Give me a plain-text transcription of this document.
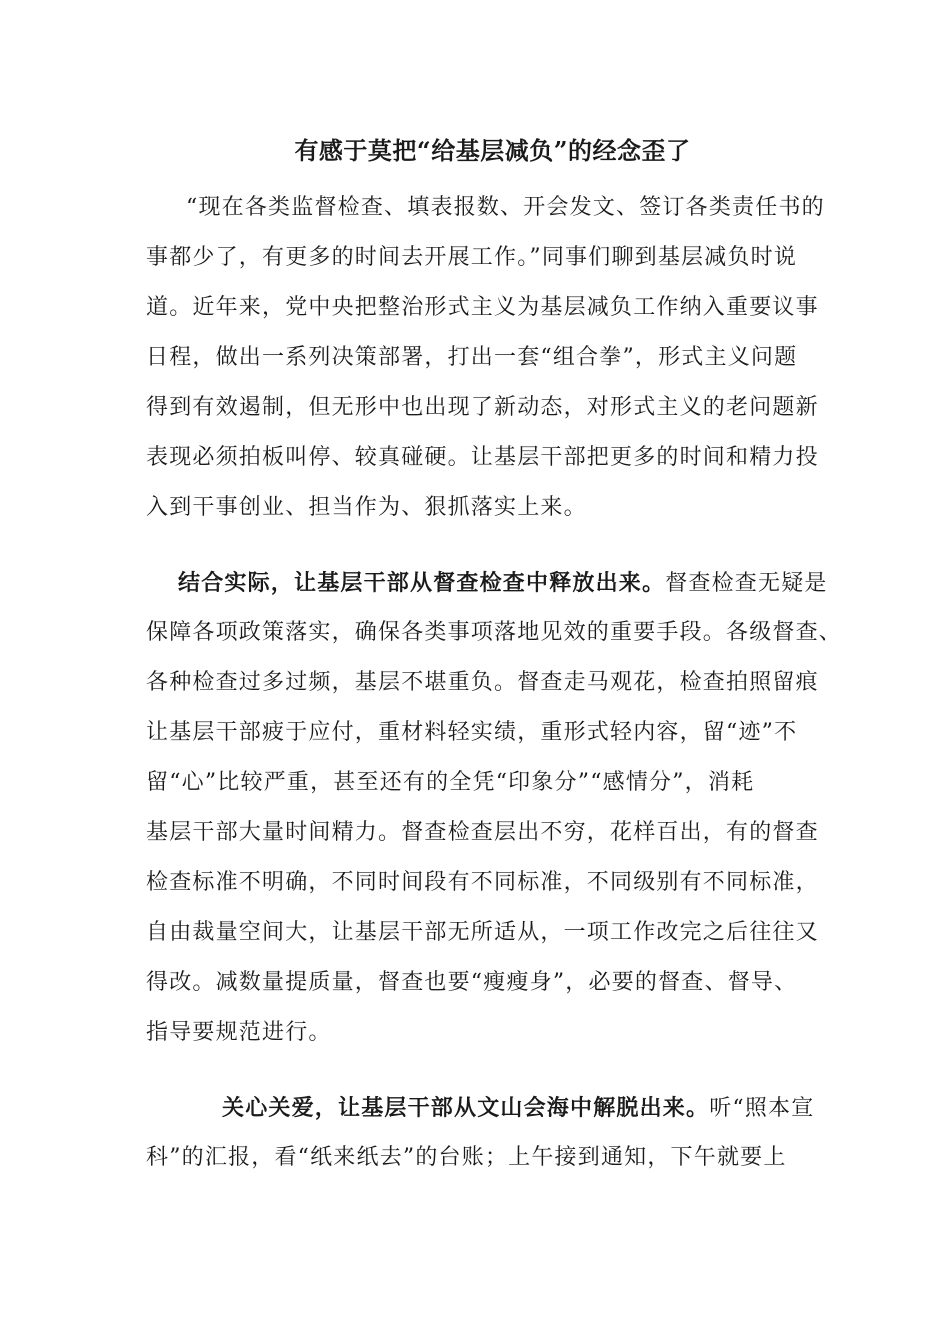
有感于莫把“给基层减负”的经念歪了
“现在各类监督检查、填表报数、开会发文、签订各类责任书的
事都少了，有更多的时间去开展工作。”同事们聊到基层减负时说
道。近年来，党中央把整治形式主义为基层减负工作纳入重要议事
日程，做出一系列决策部署，打出一套“组合拳”，形式主义问题
得到有效遏制，但无形中也出现了新动态，对形式主义的老问题新
表现必须拍板叫停、较真碰硬。让基层干部把更多的时间和精力投
入到干事创业、担当作为、狠抓落实上来。
结合实际，让基层干部从督查检查中释放出来。督查检查无疑是
保障各项政策落实，确保各类事项落地见效的重要手段。各级督查、
各种检查过多过频，基层不堪重负。督查走马观花，检查拍照留痕
让基层干部疲于应付，重材料轻实绩，重形式轻内容，留“迹”不
留“心”比较严重，甚至还有的全凭“印象分”“感情分”，消耗
基层干部大量时间精力。督查检查层出不穷，花样百出，有的督查
检查标准不明确，不同时间段有不同标准，不同级别有不同标准，
自由裁量空间大，让基层干部无所适从，一项工作改完之后往往又
得改。减数量提质量，督查也要“瘦瘦身”，必要的督查、督导、
指导要规范进行。
关心关爱，让基层干部从文山会海中解脱出来。听“照本宣
科”的汇报，看“纸来纸去”的台账；上午接到通知，下午就要上
